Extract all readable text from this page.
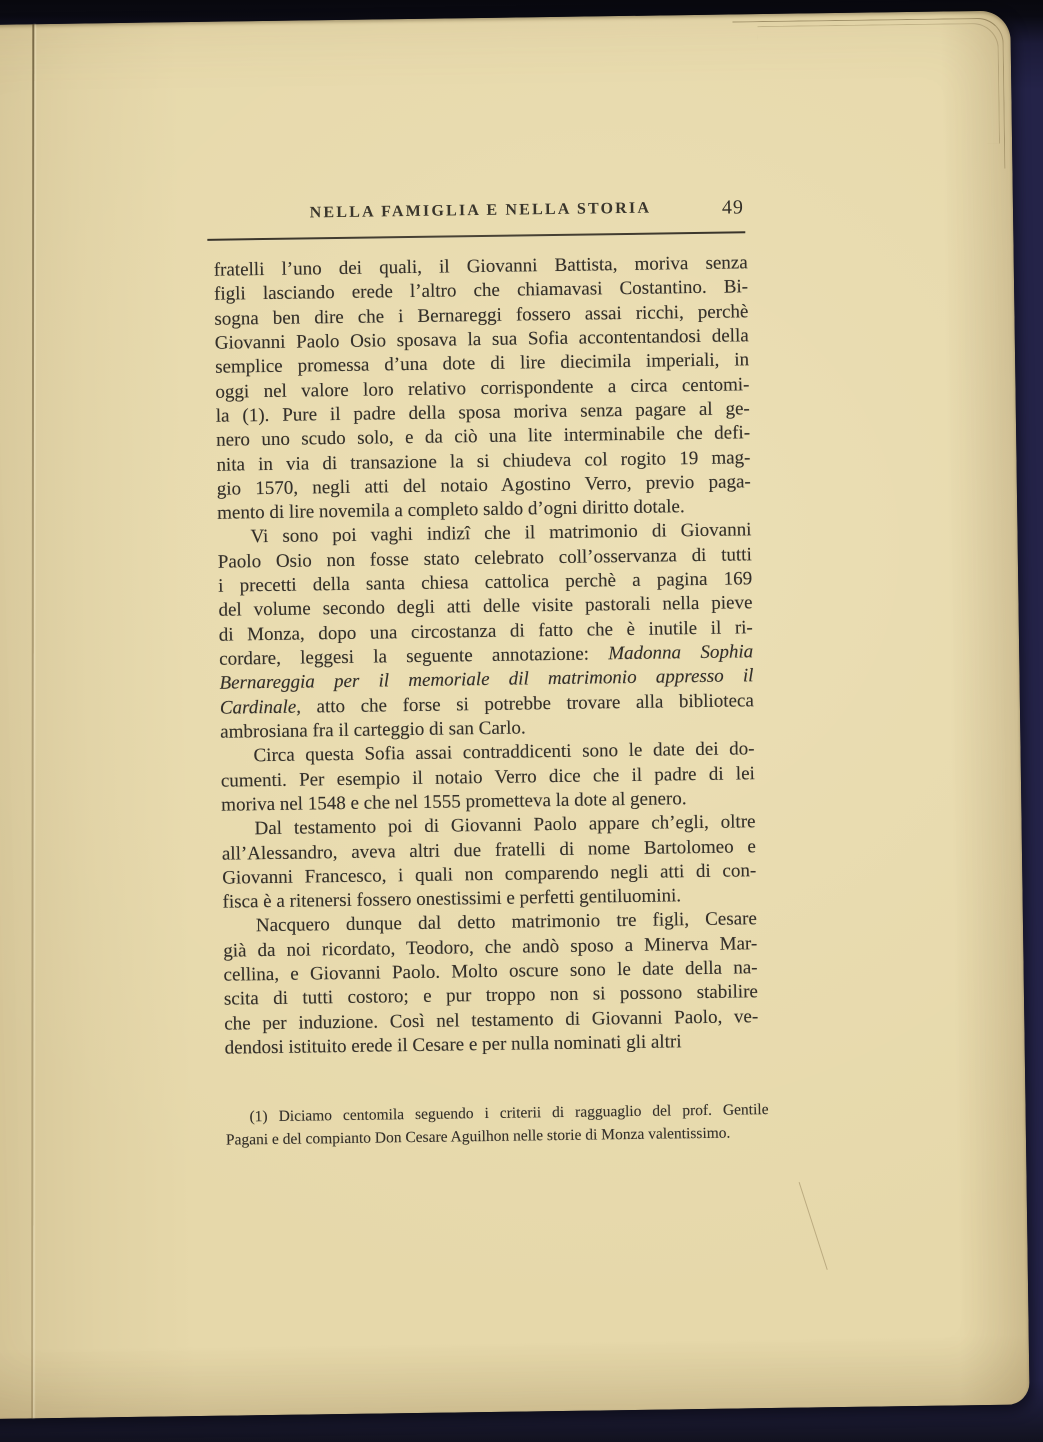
NELLA FAMIGLIA E NELLA STORIA	49
fratelli l’uno dei quali, il Giovanni Battista, moriva senza
figli lasciando erede l’altro che chiamavasi Costantino. Bi-
sogna ben dire che i Bernareggi fossero assai ricchi, perchè
Giovanni Paolo Osio sposava la sua Sofia accontentandosi della
semplice promessa d’una dote di lire diecimila imperiali, in
oggi nel valore loro relativo corrispondente a circa centomi-
la (1). Pure il padre della sposa moriva senza pagare al ge-
nero uno scudo solo, e da ciò una lite interminabile che defi-
nita in via di transazione la si chiudeva col rogito 19 mag-
gio 1570, negli atti del notaio Agostino Verro, previo paga-
mento di lire novemila a completo saldo d’ogni diritto dotale.
Vi sono poi vaghi indizî che il matrimonio di Giovanni
Paolo Osio non fosse stato celebrato coll’osservanza di tutti
i precetti della santa chiesa cattolica perchè a pagina 169
del volume secondo degli atti delle visite pastorali nella pieve
di Monza, dopo una circostanza di fatto che è inutile il ri-
cordare, leggesi la seguente annotazione: Madonna Sophia
Bernareggia per il memoriale dil matrimonio appresso il
Cardinale, atto che forse si potrebbe trovare alla biblioteca
ambrosiana fra il carteggio di san Carlo.
Circa questa Sofia assai contraddicenti sono le date dei do-
cumenti. Per esempio il notaio Verro dice che il padre di lei
moriva nel 1548 e che nel 1555 prometteva la dote al genero.
Dal testamento poi di Giovanni Paolo appare ch’egli, oltre
all’Alessandro, aveva altri due fratelli di nome Bartolomeo e
Giovanni Francesco, i quali non comparendo negli atti di con-
fisca è a ritenersi fossero onestissimi e perfetti gentiluomini.
Nacquero dunque dal detto matrimonio tre figli, Cesare
già da noi ricordato, Teodoro, che andò sposo a Minerva Mar-
cellina, e Giovanni Paolo. Molto oscure sono le date della na-
scita di tutti costoro; e pur troppo non si possono stabilire
che per induzione. Così nel testamento di Giovanni Paolo, ve-
dendosi istituito erede il Cesare e per nulla nominati gli altri
(1) Diciamo centomila seguendo i criterii di ragguaglio del prof. Gentile
Pagani e del compianto Don Cesare Aguilhon nelle storie di Monza valentissimo.
